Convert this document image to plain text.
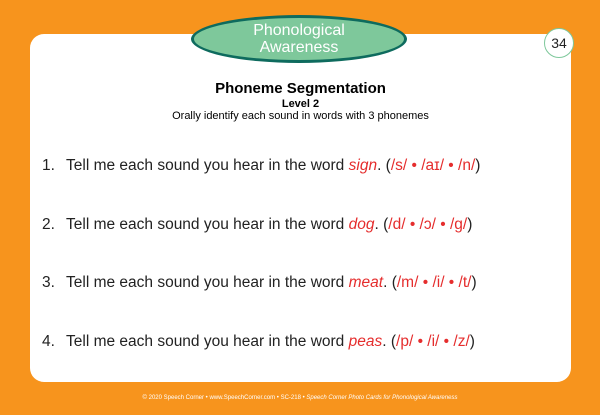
Phonological
Awareness	34
Phoneme Segmentation
Level 2
Orally identify each sound in words with 3 phonemes
1. Tell me each sound you hear in the word sign. (/s/ • /aɪ/ • /n/)
2. Tell me each sound you hear in the word dog. (/d/ • /ɔ/ • /g/)
3. Tell me each sound you hear in the word meat. (/m/ • /i/ • /t/)
4. Tell me each sound you hear in the word peas. (/p/ • /i/ • /z/)
© 2020 Speech Corner • www.SpeechCorner.com • SC-218 • Speech Corner Photo Cards for Phonological Awareness
